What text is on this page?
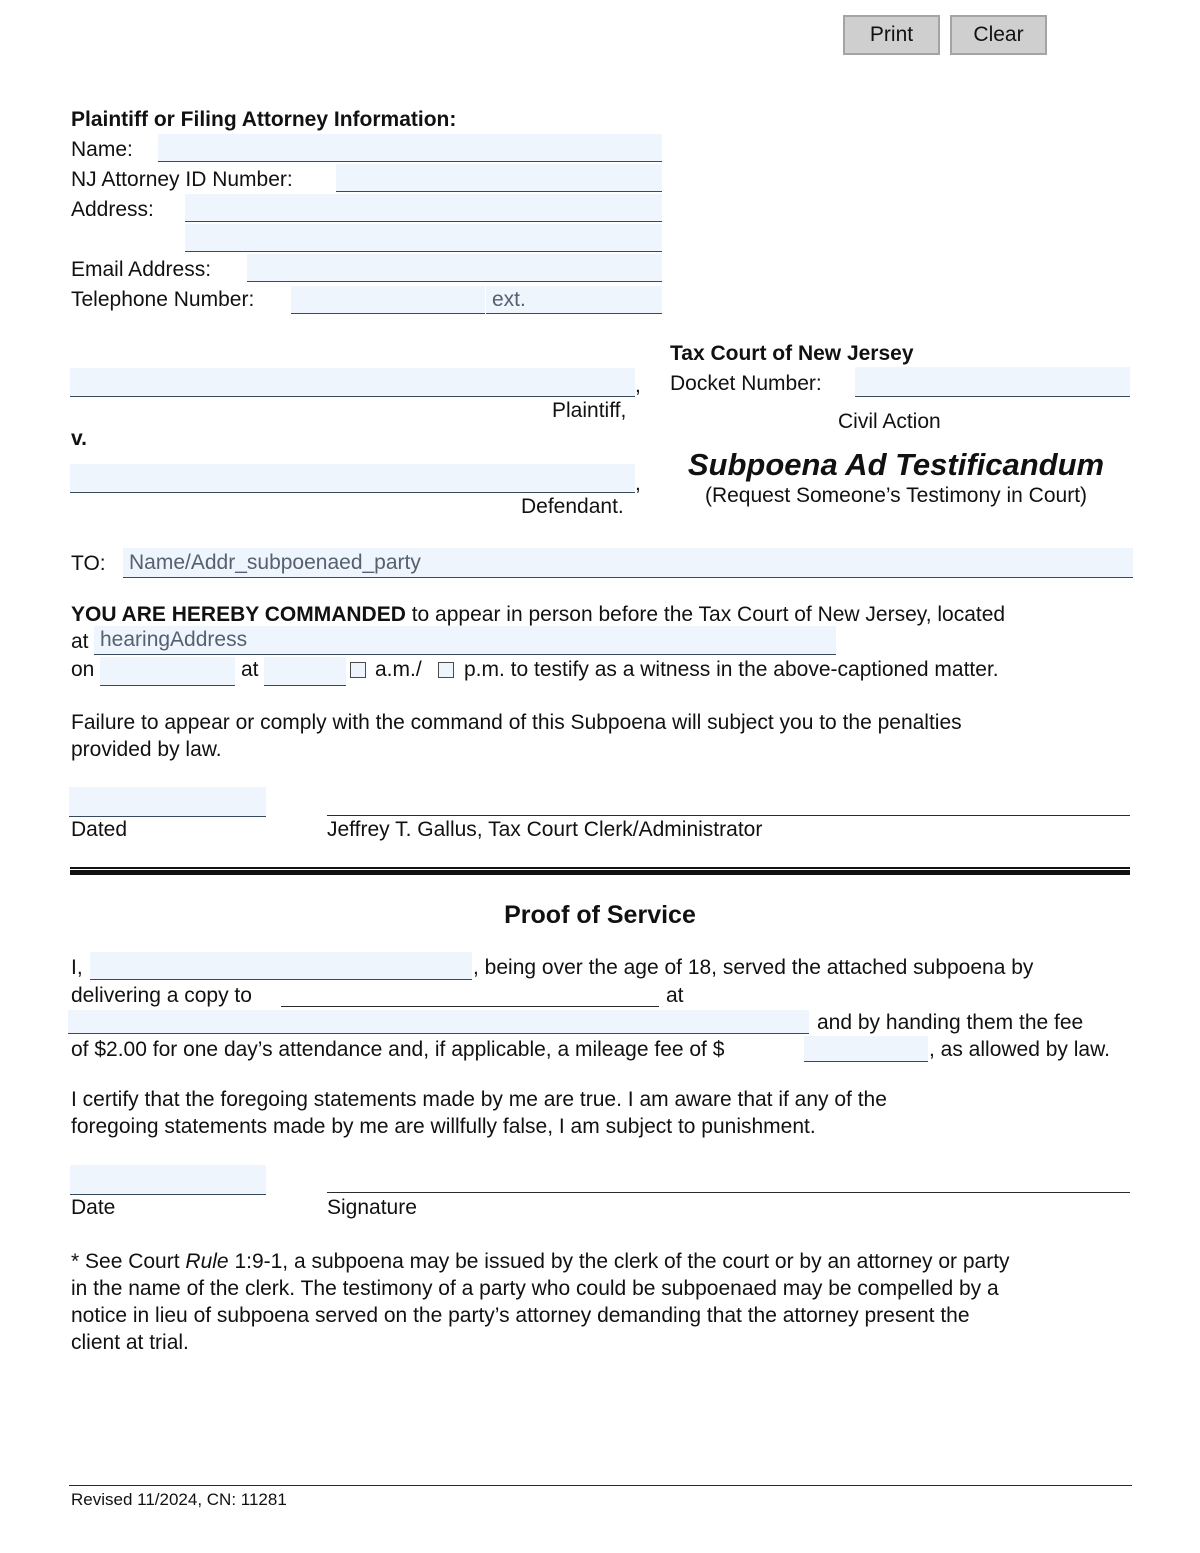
Print	Clear
Plaintiff or Filing Attorney Information:
Name:
NJ Attorney ID Number:
Address:
Email Address:
Telephone Number:
ext.
,
Plaintiff,
v.
,
Defendant.
Tax Court of New Jersey
Docket Number:
Civil Action
Subpoena Ad Testificandum
(Request Someone’s Testimony in Court)
TO:
Name/Addr_subpoenaed_party
YOU ARE HEREBY COMMANDED to appear in person before the Tax Court of New Jersey, located
at
hearingAddress
on	at	a.m./ p.m. to testify as a witness in the above-captioned matter.
Failure to appear or comply with the command of this Subpoena will subject you to the penalties
provided by law.
Dated	Jeffrey T. Gallus, Tax Court Clerk/Administrator
Proof of Service
I,	, being over the age of 18, served the attached subpoena by
delivering a copy to	at
and by handing them the fee
of $2.00 for one day’s attendance and, if applicable, a mileage fee of $	, as allowed by law.
I certify that the foregoing statements made by me are true. I am aware that if any of the
foregoing statements made by me are willfully false, I am subject to punishment.
Date	Signature
* See Court Rule 1:9-1, a subpoena may be issued by the clerk of the court or by an attorney or party
in the name of the clerk. The testimony of a party who could be subpoenaed may be compelled by a
notice in lieu of subpoena served on the party’s attorney demanding that the attorney present the
client at trial.
Revised 11/2024, CN: 11281
